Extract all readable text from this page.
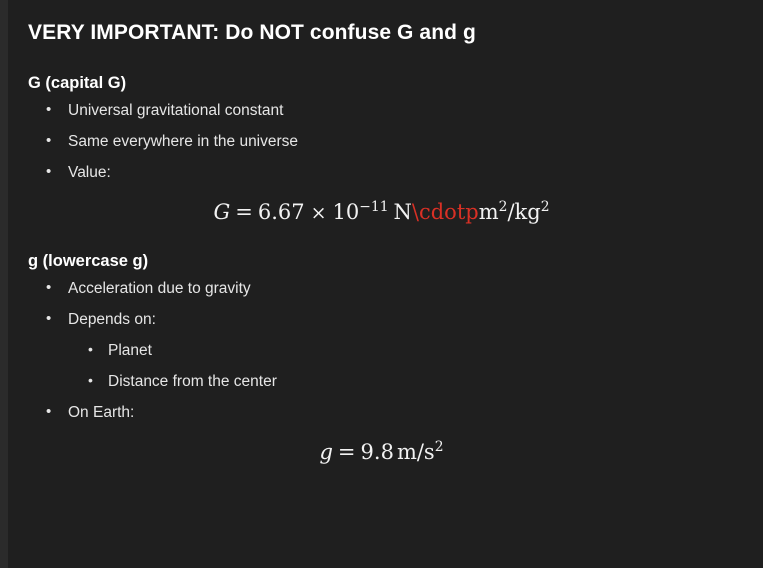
VERY IMPORTANT: Do NOT confuse G and g
G (capital G)
• Universal gravitational constant
• Same everywhere in the universe
• Value:
$G = 6.67 \times 10^{-11}$ $N\backslash cdotpm^2/kg^2$
g (lowercase g)
• Acceleration due to gravity
• Depends on:
• Planet
• Distance from the center
• On Earth:
g = 9.8 $m/s^2$
